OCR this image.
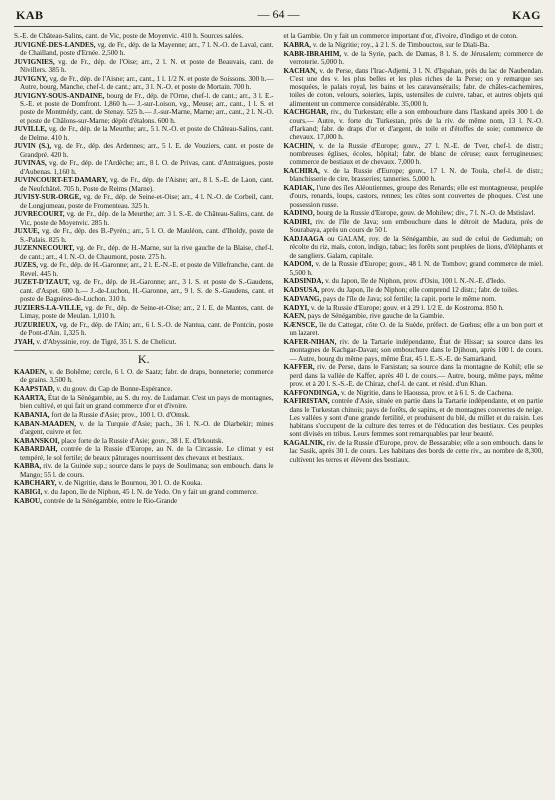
KAB	— 64 —	KAG

S.-E. de Château-Salins, cant. de Vic, poste de Moyenvic. 410 h. Sources salées.

JUVIGNÉ-DES-LANDES, vg. de Fr., dép. de la Mayenne; arr., 7 l. N.-O. de Laval, cant. de Chailland, poste d'Ernée. 2,500 h.

JUVIGNIES, vg. de Fr., dép. de l'Oise; arr., 2 l. N. et poste de Beauvais, cant. de Nivillers. 385 h.

JUVIGNY, vg. de Fr., dép. de l'Aisne; arr., cant., 1 l. 1/2 N. et poste de Soissons. 300 h.— Autre, bourg, Manche, chef-l. de cant.; arr., 3 l. N.-O. et poste de Mortain. 700 h.

JUVIGNY-SOUS-ANDAINE, bourg de Fr., dép. de l'Orne, chef-l. de cant.; arr., 3 l. E.-S.-E. et poste de Domfront. 1,860 h.— J.-sur-Loison, vg., Meuse; arr., cant., 1 l. S. et poste de Montmédy, cant. de Stenay. 525 h.— J.-sur-Marne, Marne; arr., cant., 2 l. N.-O. et poste de Châlons-sur-Marne; dépôt d'étalons. 600 h.

JUVILLE, vg. de Fr., dép. de la Meurthe; arr., 5 l. N.-O. et poste de Château-Salins, cant. de Delme. 410 h.

JUVIN (S.), vg. de Fr., dép. des Ardennes; arr., 5 l. E. de Vouziers, cant. et poste de Grandpré. 420 h.

JUVINAS, vg. de Fr., dép. de l'Ardèche; arr., 8 l. O. de Privas, cant. d'Antraigues, poste d'Aubenas. 1,160 h.

JUVINCOURT-ET-DAMARY, vg. de Fr., dép. de l'Aisne; arr., 8 l. S.-E. de Laon, cant. de Neufchâtel. 705 h. Poste de Reims (Marne).

JUVISY-SUR-ORGE, vg. de Fr., dép. de Seine-et-Oise; arr., 4 l. N.-O. de Corbeil, cant. de Longjumeau, poste de Fromenteau. 325 h.

JUVRECOURT, vg. de Fr., dép. de la Meurthe; arr. 3 l. S.-E. de Château-Salins, cant. de Vic, poste de Moyenvic. 285 h.

JUXUE, vg. de Fr., dép. des B.-Pyrén.; arr., 5 l. O. de Mauléon, cant. d'Iholdy, poste de S.-Palais. 825 h.

JUZENNECOURT, vg. de Fr., dép. de H.-Marne, sur la rive gauche de la Blaise, chef-l. de cant.; arr., 4 l. N.-O. de Chaumont, poste. 275 h.

JUZES, vg. de Fr., dép. de H.-Garonne; arr., 2 l. E.-N.-E. et poste de Villefranche, cant. de Revel. 445 h.

JUZET-D'IZAUT, vg. de Fr., dép. de H.-Garonne; arr., 3 l. S. et poste de S.-Gaudens, cant. d'Aspet. 600 h.— J.-de-Luchon, H.-Garonne, arr., 9 l. S. de S.-Gaudens, cant. et poste de Bagnères-de-Luchon. 310 h.

JUZIERS-LA-VILLE, vg. de Fr., dép. de Seine-et-Oise; arr., 2 l. E. de Mantes, cant. de Limay, poste de Meulan. 1,010 h.

JUZURIEUX, vg. de Fr., dép. de l'Ain; arr., 6 l. S.-O. de Nantua, cant. de Pontcin, poste de Pont-d'Ain. 1,325 h.

JYAH, v. d'Abyssinie, roy. de Tigré, 35 l. S. de Chelicut.

K.

KAADEN, v. de Bohême; cercle, 6 l. O. de Saatz; fabr. de draps, bonneterie; commerce de grains. 3,500 h.

KAAPSTAD, v. du gouv. du Cap de Bonne-Espérance.

KAARTA, État de la Sénégambie, au S. du roy. de Ludamar. C'est un pays de montagnes, bien cultivé, et qui fait un grand commerce d'or et d'ivoire.

KABANIA, fort de la Russie d'Asie; prov., 100 l. O. d'Omsk.

KABAN-MAADEN, v. de la Turquie d'Asie; pach., 36 l. N.-O. de Diarbekir; mines d'argent, cuivre et fer.

KABANSKOI, place forte de la Russie d'Asie; gouv., 38 l. E. d'Irkoutsk.

KABARDAH, contrée de la Russie d'Europe, au N. de la Circassie. Le climat y est tempéré, le sol fertile; de beaux pâturages nourrissent des chevaux et bestiaux.

KABBA, riv. de la Guinée sup.; source dans le pays de Soulimana; son embouch. dans le Mango; 55 l. de cours.

KABCHARY, v. de Nigritie, dans le Bournou, 30 l. O. de Kouka.

KABIGI, v. du Japon, île de Niphon, 45 l. N. de Yedo. On y fait un grand commerce.

KABOU, contrée de la Sénégambie, entre le Rio-Grande

et la Gambie. On y fait un commerce important d'or, d'ivoire, d'indigo et de coton.

KABRA, v. de la Nigritie; roy., à 2 l. S. de Timbouctou, sur le Diali-Ba.

KABR-IBRAHIM, v. de la Syrie, pach. de Damas, 8 l. S. de Jérusalem; commerce de verroterie. 5,000 h.

KACHAN, v. de Perse, dans l'Irac-Adjemi, 3 l. N. d'Ispahan, près du lac de Naubendan. C'est une des v. les plus belles et les plus riches de la Perse; on y remarque ses mosquées, le palais royal, les bains et les caravansérails; fabr. de châles-cachemires, toiles de coton, velours, soieries, lapis, ustensiles de cuivre, tabac, et autres objets qui alimentent un commerce considérable. 35,000 h.

KACHGHAR, riv., du Turkestan; elle a son embouchure dans l'Iaxkand après 300 l. de cours.— Autre, v. forte du Turkestan, près de la riv. de même nom, 13 l. N.-O. d'Iarkand; fabr. de draps d'or et d'argent, de toile et d'étoffes de soie; commerce de chevaux. 17,000 h.

KACHIN, v. de la Russie d'Europe; gouv., 27 l. N.-E. de Tver, chef-l. de distr.; nombreuses églises, écoles, hôpital; fabr. de blanc de céruse; eaux ferrugineuses; commerce de bestiaux et de chevaux. 7,000 h.

KACHIRA, v. de la Russie d'Europe; gouv., 17 l. N. de Toula, chef-l. de distr.; blanchisserie de cire, brasseries; tanneries. 5,000 h.

KADIAK, l'une des îles Aléoutiennes, groupe des Renards; elle est montagneuse, peuplée d'ours, renards, loups, castors, rennes; les côtes sont couvertes de phoques. C'est une possession russe.

KADINO, bourg de la Russie d'Europe, gouv. de Mohilew; div., 7 l. N.-O. de Mstislavl.

KADIRI, riv. de l'île de Java; son embouchure dans le détroit de Madura, près de Sourabaya, après un cours de 50 l.

KADJAAGA ou GALAM, roy. de la Sénégambie, au sud de celui de Gedumah; on récolte du riz, maïs, coton, indigo, tabac; les forêts sont peuplées de lions, d'éléphants et de sangliers. Galam, capitale.

KADOM, v. de la Russie d'Europe; gouv., 48 l. N. de Tombov; grand commerce de miel. 5,500 h.

KADSINDA, v. du Japon, île de Niphon, prov. d'Osiu, 100 l. N.-N.-E. d'Iedo.

KADSUSA, prov. du Japon, île de Niphon; elle comprend 12 distr.; fabr. de toiles.

KADVANG, pays de l'île de Java; sol fertile; la capit. porte le même nom.

KADYI, v. de la Russie d'Europe; gouv. et à 29 l. 1/2 E. de Kostroma. 850 h.

KAEN, pays de Sénégambie, rive gauche de la Gambie.

KÆNSCE, île du Cattegat, côte O. de la Suède, préfect. de Gœhus; elle a un bon port et un lazaret.

KAFER-NIHAN, riv. de la Tartarie indépendante, État de Hissar; sa source dans les montagnes de Kachgar-Davan; son embouchure dans le Djihoun, après 100 l. de cours.— Autre, bourg du même pays, même État, 45 l. E.-S.-E. de Samarkand.

KAFFER, riv. de Perse, dans le Farsistan; sa source dans la montagne de Kohil; elle se perd dans la vallée de Kaffer, après 40 l. de cours.— Autre, bourg, même pays, même prov. et à 20 l. S.-S.-E. de Chiraz, chef-l. de cant. et résid. d'un Khan.

KAFFONDINGA, v. de Nigritie, dans le Haoussa, prov. et à 6 l. S. de Cachena.

KAFIRISTAN, contrée d'Asie, située en partie dans la Tartarie indépendante, et en partie dans le Turkestan chinois; pays de forêts, de sapins, et de montagnes couvertes de neige. Les vallées y sont d'une grande fertilité, et produisent du blé, du millet et du raisin. Les habitans s'occupent de la culture des terres et de l'éducation des bestiaux. Ces peuples sont divisés en tribus. Leurs femmes sont remarquables par leur beauté.

KAGALNIK, riv. de la Russie d'Europe, prov. de Bessarabie; elle a son embouch. dans le lac Sasik, après 30 l. de cours. Les habitans des bords de cette riv., au nombre de 8,300, cultivent les terres et élèvent des bestiaux.
